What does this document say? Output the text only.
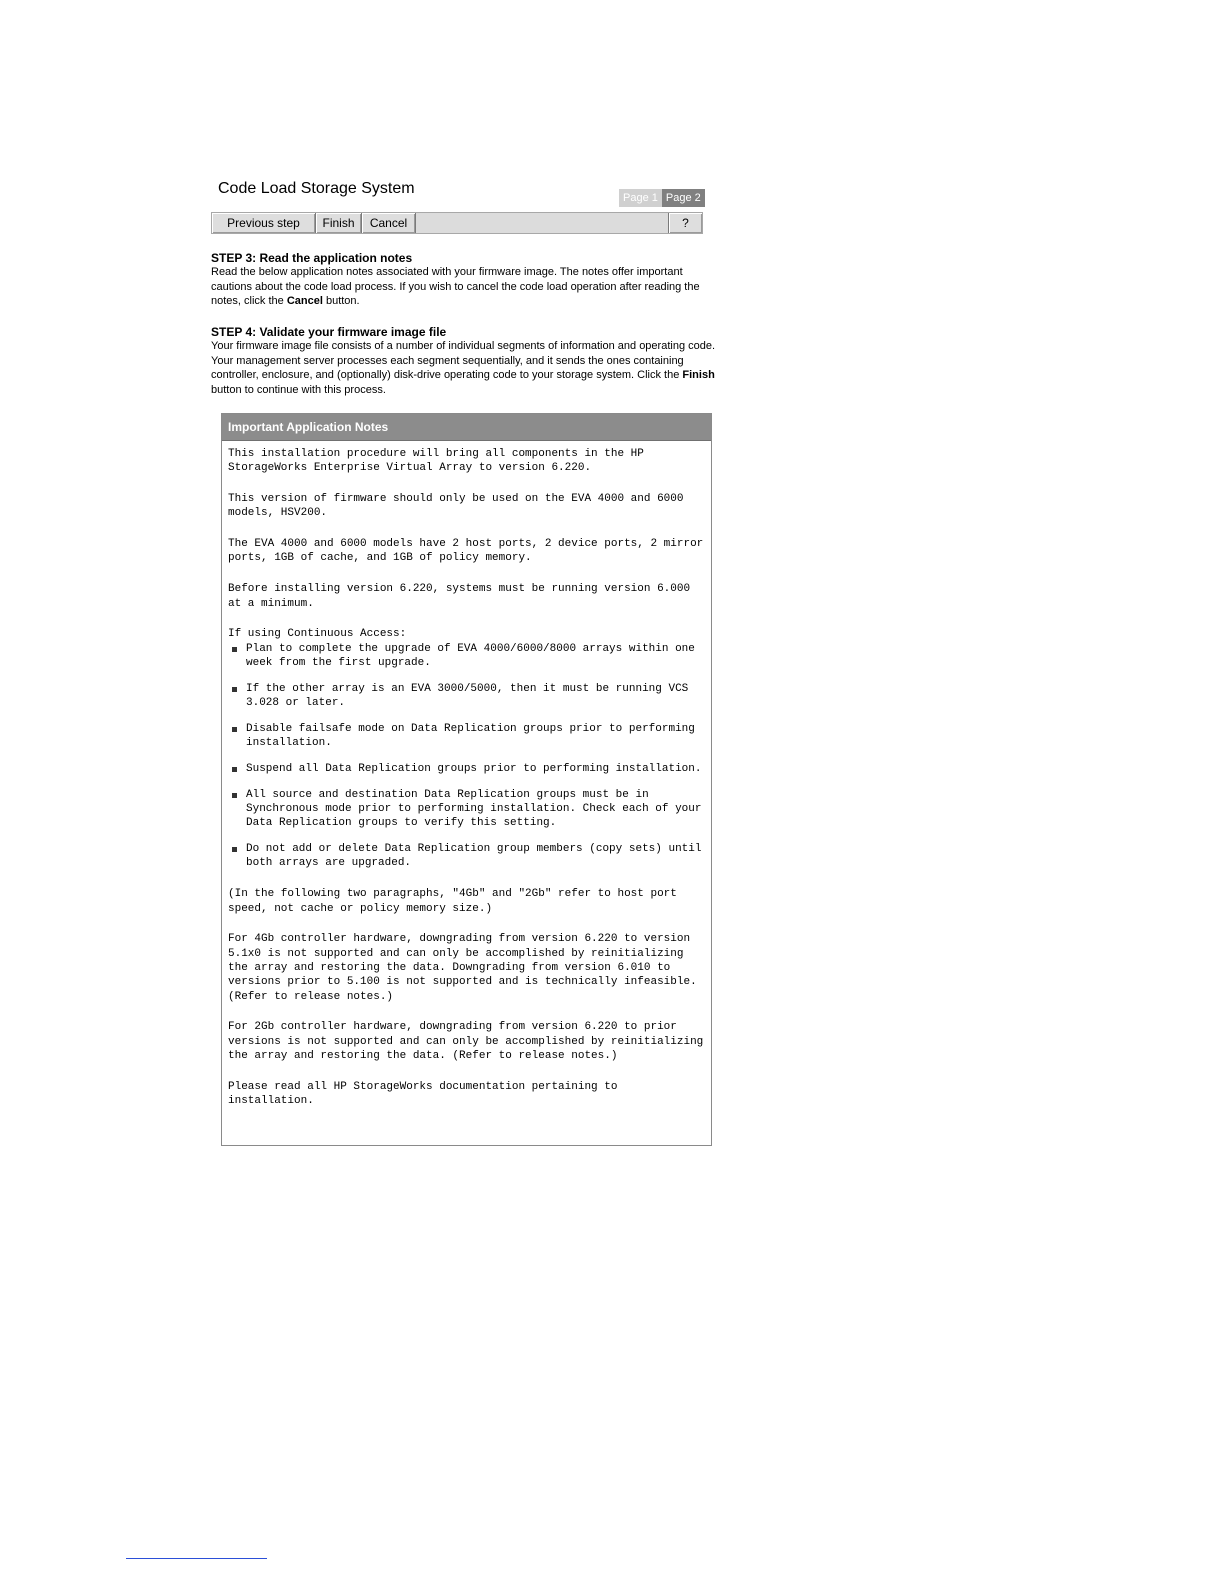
Code Load Storage System
Page 1 Page 2
Previous step	Finish	Cancel	?
STEP 3: Read the application notes

Read the below application notes associated with your firmware image. The notes offer important cautions about the code load process. If you wish to cancel the code load operation after reading the notes, click the Cancel button.

STEP 4: Validate your firmware image file

Your firmware image file consists of a number of individual segments of information and operating code. Your management server processes each segment sequentially, and it sends the ones containing controller, enclosure, and (optionally) disk-drive operating code to your storage system. Click the Finish button to continue with this process.

Important Application Notes

This installation procedure will bring all components in the HP StorageWorks Enterprise Virtual Array to version 6.220.

This version of firmware should only be used on the EVA 4000 and 6000 models, HSV200.

The EVA 4000 and 6000 models have 2 host ports, 2 device ports, 2 mirror ports, 1GB of cache, and 1GB of policy memory.

Before installing version 6.220, systems must be running version 6.000 at a minimum.

If using Continuous Access:
Plan to complete the upgrade of EVA 4000/6000/8000 arrays within one week from the first upgrade.
If the other array is an EVA 3000/5000, then it must be running VCS 3.028 or later.
Disable failsafe mode on Data Replication groups prior to performing installation.
Suspend all Data Replication groups prior to performing installation.
All source and destination Data Replication groups must be in Synchronous mode prior to performing installation. Check each of your Data Replication groups to verify this setting.
Do not add or delete Data Replication group members (copy sets) until both arrays are upgraded.

(In the following two paragraphs, "4Gb" and "2Gb" refer to host port speed, not cache or policy memory size.)

For 4Gb controller hardware, downgrading from version 6.220 to version 5.1x0 is not supported and can only be accomplished by reinitializing the array and restoring the data. Downgrading from version 6.010 to versions prior to 5.100 is not supported and is technically infeasible. (Refer to release notes.)

For 2Gb controller hardware, downgrading from version 6.220 to prior versions is not supported and can only be accomplished by reinitializing the array and restoring the data. (Refer to release notes.)

Please read all HP StorageWorks documentation pertaining to installation.
